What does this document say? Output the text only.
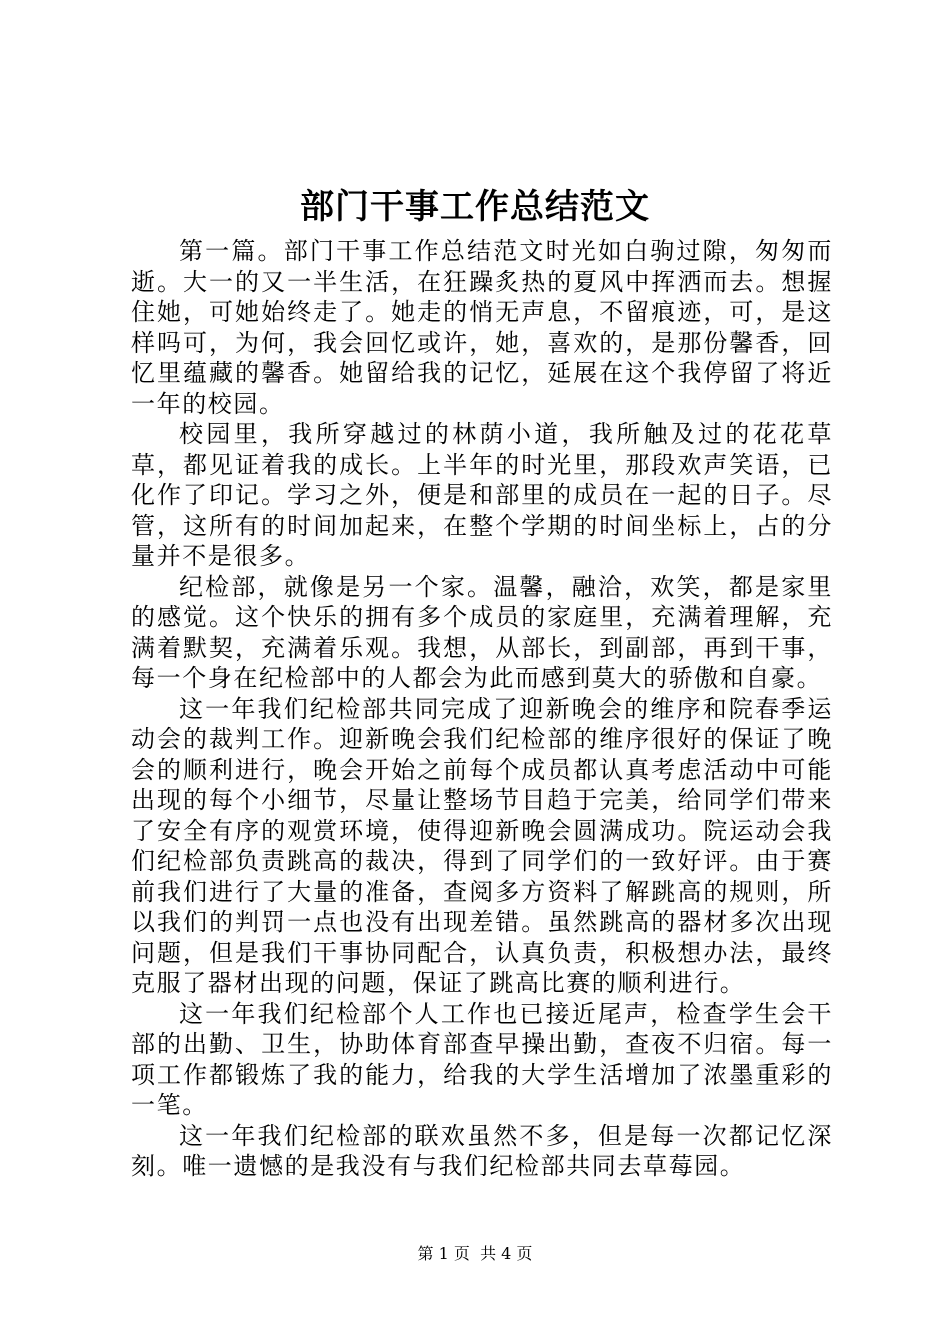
部门干事工作总结范文

第一篇。部门干事工作总结范文时光如白驹过隙，匆匆而逝。大一的又一半生活，在狂躁炙热的夏风中挥洒而去。想握住她，可她始终走了。她走的悄无声息，不留痕迹，可，是这样吗可，为何，我会回忆或许，她，喜欢的，是那份馨香，回忆里蕴藏的馨香。她留给我的记忆，延展在这个我停留了将近一年的校园。

校园里，我所穿越过的林荫小道，我所触及过的花花草草，都见证着我的成长。上半年的时光里，那段欢声笑语，已化作了印记。学习之外，便是和部里的成员在一起的日子。尽管，这所有的时间加起来，在整个学期的时间坐标上，占的分量并不是很多。

纪检部，就像是另一个家。温馨，融洽，欢笑，都是家里的感觉。这个快乐的拥有多个成员的家庭里，充满着理解，充满着默契，充满着乐观。我想，从部长，到副部，再到干事，每一个身在纪检部中的人都会为此而感到莫大的骄傲和自豪。

这一年我们纪检部共同完成了迎新晚会的维序和院春季运动会的裁判工作。迎新晚会我们纪检部的维序很好的保证了晚会的顺利进行，晚会开始之前每个成员都认真考虑活动中可能出现的每个小细节，尽量让整场节目趋于完美，给同学们带来了安全有序的观赏环境，使得迎新晚会圆满成功。院运动会我们纪检部负责跳高的裁决，得到了同学们的一致好评。由于赛前我们进行了大量的准备，查阅多方资料了解跳高的规则，所以我们的判罚一点也没有出现差错。虽然跳高的器材多次出现问题，但是我们干事协同配合，认真负责，积极想办法，最终克服了器材出现的问题，保证了跳高比赛的顺利进行。

这一年我们纪检部个人工作也已接近尾声，检查学生会干部的出勤、卫生，协助体育部查早操出勤，查夜不归宿。每一项工作都锻炼了我的能力，给我的大学生活增加了浓墨重彩的一笔。

这一年我们纪检部的联欢虽然不多，但是每一次都记忆深刻。唯一遗憾的是我没有与我们纪检部共同去草莓园。

第 1 页  共 4 页
